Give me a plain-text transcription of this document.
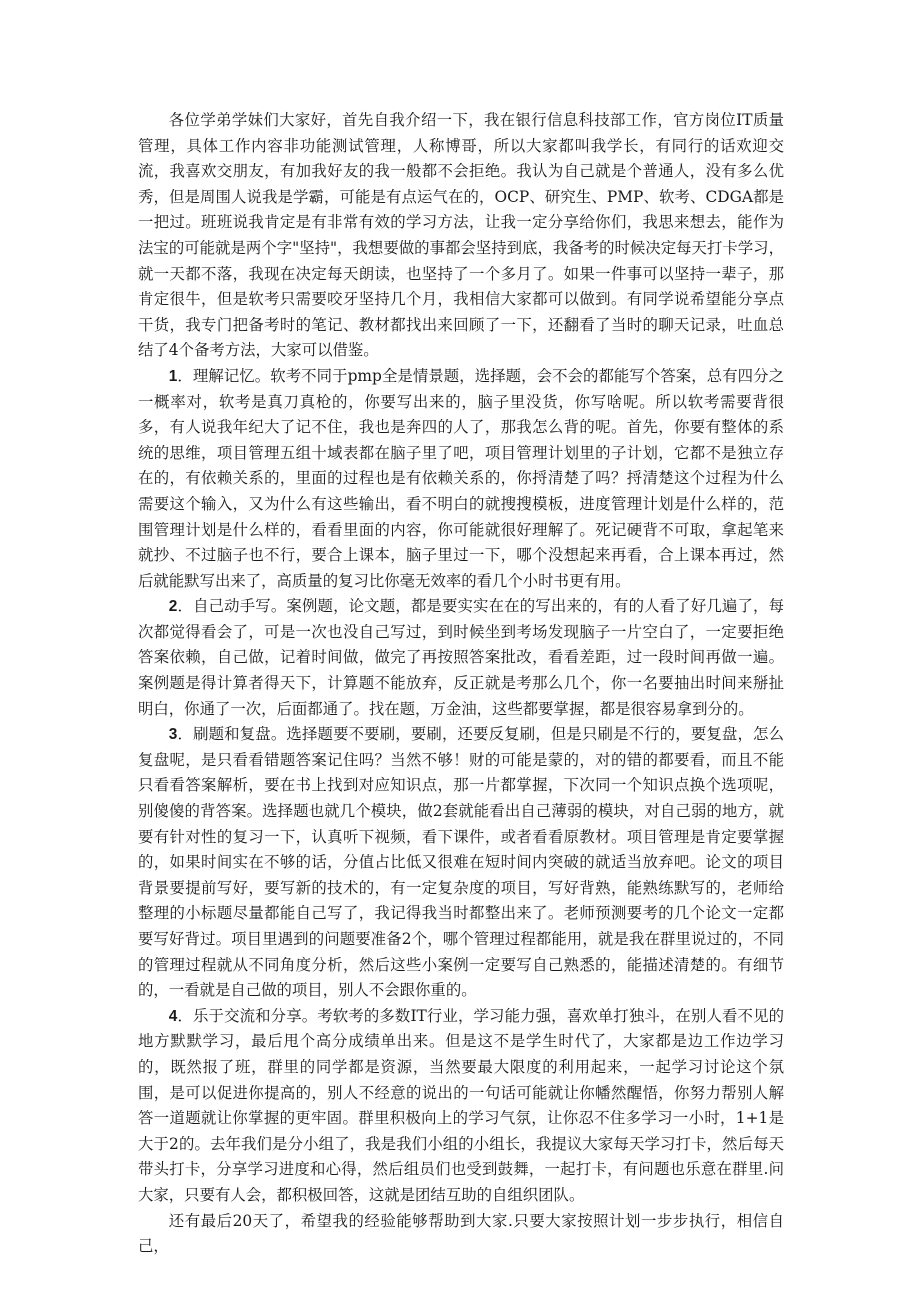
各位学弟学妹们大家好，首先自我介绍一下，我在银行信息科技部工作，官方岗位IT质量管理，具体工作内容非功能测试管理，人称博哥，所以大家都叫我学长，有同行的话欢迎交流，我喜欢交朋友，有加我好友的我一般都不会拒绝。我认为自己就是个普通人，没有多么优秀，但是周围人说我是学霸，可能是有点运气在的，OCP、研究生、PMP、软考、CDGA都是一把过。班班说我肯定是有非常有效的学习方法，让我一定分享给你们，我思来想去，能作为法宝的可能就是两个字"坚持"，我想要做的事都会坚持到底，我备考的时候决定每天打卡学习，就一天都不落，我现在决定每天朗读，也坚持了一个多月了。如果一件事可以坚持一辈子，那肯定很牛，但是软考只需要咬牙坚持几个月，我相信大家都可以做到。有同学说希望能分享点干货，我专门把备考时的笔记、教材都找出来回顾了一下，还翻看了当时的聊天记录，吐血总结了4个备考方法，大家可以借鉴。

1．理解记忆。软考不同于pmp全是情景题，选择题，会不会的都能写个答案，总有四分之一概率对，软考是真刀真枪的，你要写出来的，脑子里没货，你写啥呢。所以软考需要背很多，有人说我年纪大了记不住，我也是奔四的人了，那我怎么背的呢。首先，你要有整体的系统的思维，项目管理五组十域表都在脑子里了吧，项目管理计划里的子计划，它都不是独立存在的，有依赖关系的，里面的过程也是有依赖关系的，你捋清楚了吗？捋清楚这个过程为什么需要这个输入，又为什么有这些输出，看不明白的就搜搜模板，进度管理计划是什么样的，范围管理计划是什么样的，看看里面的内容，你可能就很好理解了。死记硬背不可取，拿起笔来就抄、不过脑子也不行，要合上课本，脑子里过一下，哪个没想起来再看，合上课本再过，然后就能默写出来了，高质量的复习比你毫无效率的看几个小时书更有用。

2．自己动手写。案例题，论文题，都是要实实在在的写出来的，有的人看了好几遍了，每次都觉得看会了，可是一次也没自己写过，到时候坐到考场发现脑子一片空白了，一定要拒绝答案依赖，自己做，记着时间做，做完了再按照答案批改，看看差距，过一段时间再做一遍。案例题是得计算者得天下，计算题不能放弃，反正就是考那么几个，你一名要抽出时间来掰扯明白，你通了一次，后面都通了。找在题，万金油，这些都要掌握，都是很容易拿到分的。

3．刷题和复盘。选择题要不要刷，要刷，还要反复刷，但是只刷是不行的，要复盘，怎么复盘呢，是只看看错题答案记住吗？当然不够！财的可能是蒙的，对的错的都要看，而且不能只看看答案解析，要在书上找到对应知识点，那一片都掌握，下次同一个知识点换个选项呢，别傻傻的背答案。选择题也就几个模块，做2套就能看出自己薄弱的模块，对自己弱的地方，就要有针对性的复习一下，认真听下视频，看下课件，或者看看原教材。项目管理是肯定要掌握的，如果时间实在不够的话，分值占比低又很难在短时间内突破的就适当放弃吧。论文的项目背景要提前写好，要写新的技术的，有一定复杂度的项目，写好背熟，能熟练默写的，老师给整理的小标题尽量都能自己写了，我记得我当时都整出来了。老师预测要考的几个论文一定都要写好背过。项目里遇到的问题要准备2个，哪个管理过程都能用，就是我在群里说过的，不同的管理过程就从不同角度分析，然后这些小案例一定要写自己熟悉的，能描述清楚的。有细节的，一看就是自己做的项目，别人不会跟你重的。

4．乐于交流和分享。考软考的多数IT行业，学习能力强，喜欢单打独斗，在别人看不见的地方默默学习，最后甩个高分成绩单出来。但是这不是学生时代了，大家都是边工作边学习的，既然报了班，群里的同学都是资源，当然要最大限度的利用起来，一起学习讨论这个氛围，是可以促进你提高的，别人不经意的说出的一句话可能就让你幡然醒悟，你努力帮别人解答一道题就让你掌握的更牢固。群里积极向上的学习气氛，让你忍不住多学习一小时，1+1是大于2的。去年我们是分小组了，我是我们小组的小组长，我提议大家每天学习打卡，然后每天带头打卡，分享学习进度和心得，然后组员们也受到鼓舞，一起打卡，有问题也乐意在群里.问大家，只要有人会，都积极回答，这就是团结互助的自组织团队。

还有最后20天了，希望我的经验能够帮助到大家.只要大家按照计划一步步执行，相信自己，
